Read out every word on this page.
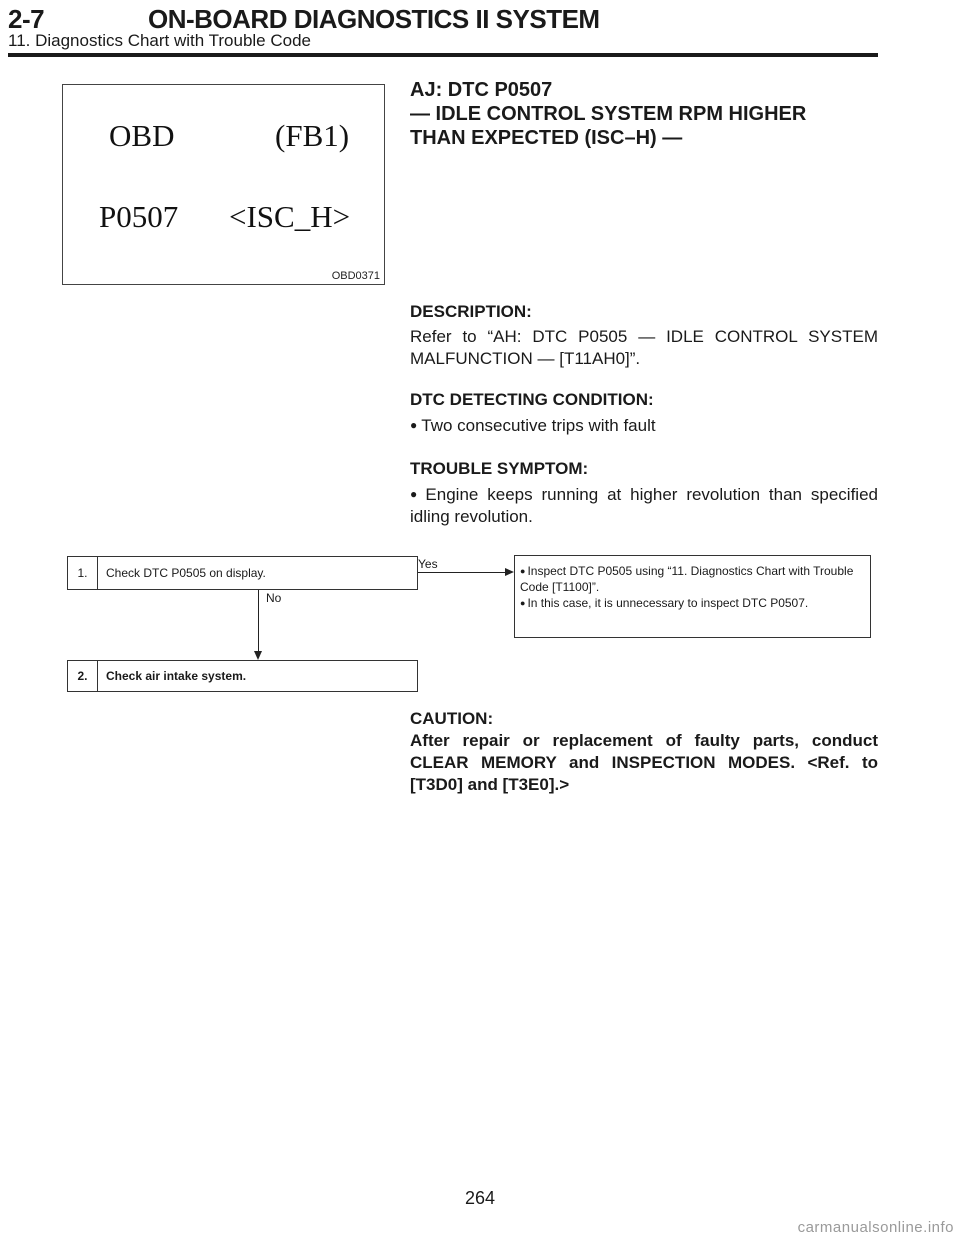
2-7	ON-BOARD DIAGNOSTICS II SYSTEM
11. Diagnostics Chart with Trouble Code
OBD	(FB1)
P0507 <ISC_H>
OBD0371
AJ: DTC P0507
— IDLE CONTROL SYSTEM RPM HIGHER
THAN EXPECTED (ISC–H) —
DESCRIPTION:
Refer to “AH: DTC P0505 — IDLE CONTROL SYSTEM MALFUNCTION — [T11AH0]”.
DTC DETECTING CONDITION:
● Two consecutive trips with fault
TROUBLE SYMPTOM:
● Engine keeps running at higher revolution than specified idling revolution.
1.	Check DTC P0505 on display.
Yes	● Inspect DTC P0505 using “11. Diagnostics Chart with Trouble Code [T1100]”.
● In this case, it is unnecessary to inspect DTC P0507.
No
2.	Check air intake system.
CAUTION:
After repair or replacement of faulty parts, conduct CLEAR MEMORY and INSPECTION MODES. <Ref. to [T3D0] and [T3E0].>
264
carmanualsonline.info
